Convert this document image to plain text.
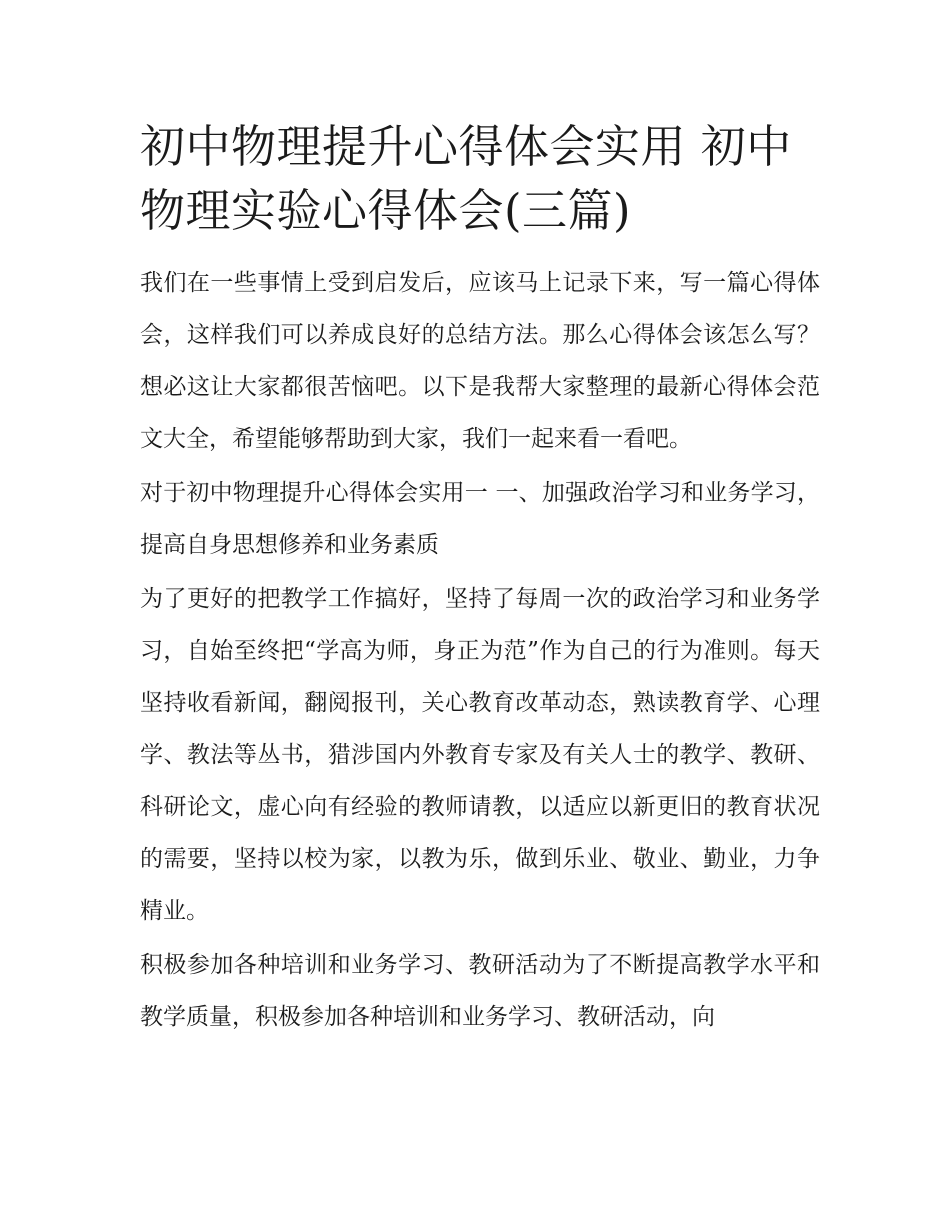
初中物理提升心得体会实用 初中物理实验心得体会(三篇)

我们在一些事情上受到启发后，应该马上记录下来，写一篇心得体会，这样我们可以养成良好的总结方法。那么心得体会该怎么写？想必这让大家都很苦恼吧。以下是我帮大家整理的最新心得体会范文大全，希望能够帮助到大家，我们一起来看一看吧。

对于初中物理提升心得体会实用一 一、加强政治学习和业务学习，提高自身思想修养和业务素质

为了更好的把教学工作搞好，坚持了每周一次的政治学习和业务学习，自始至终把“学高为师，身正为范”作为自己的行为准则。每天坚持收看新闻，翻阅报刊，关心教育改革动态，熟读教育学、心理学、教法等丛书，猎涉国内外教育专家及有关人士的教学、教研、科研论文，虚心向有经验的教师请教，以适应以新更旧的教育状况的需要，坚持以校为家，以教为乐，做到乐业、敬业、勤业，力争精业。

积极参加各种培训和业务学习、教研活动为了不断提高教学水平和教学质量，积极参加各种培训和业务学习、教研活动，向
